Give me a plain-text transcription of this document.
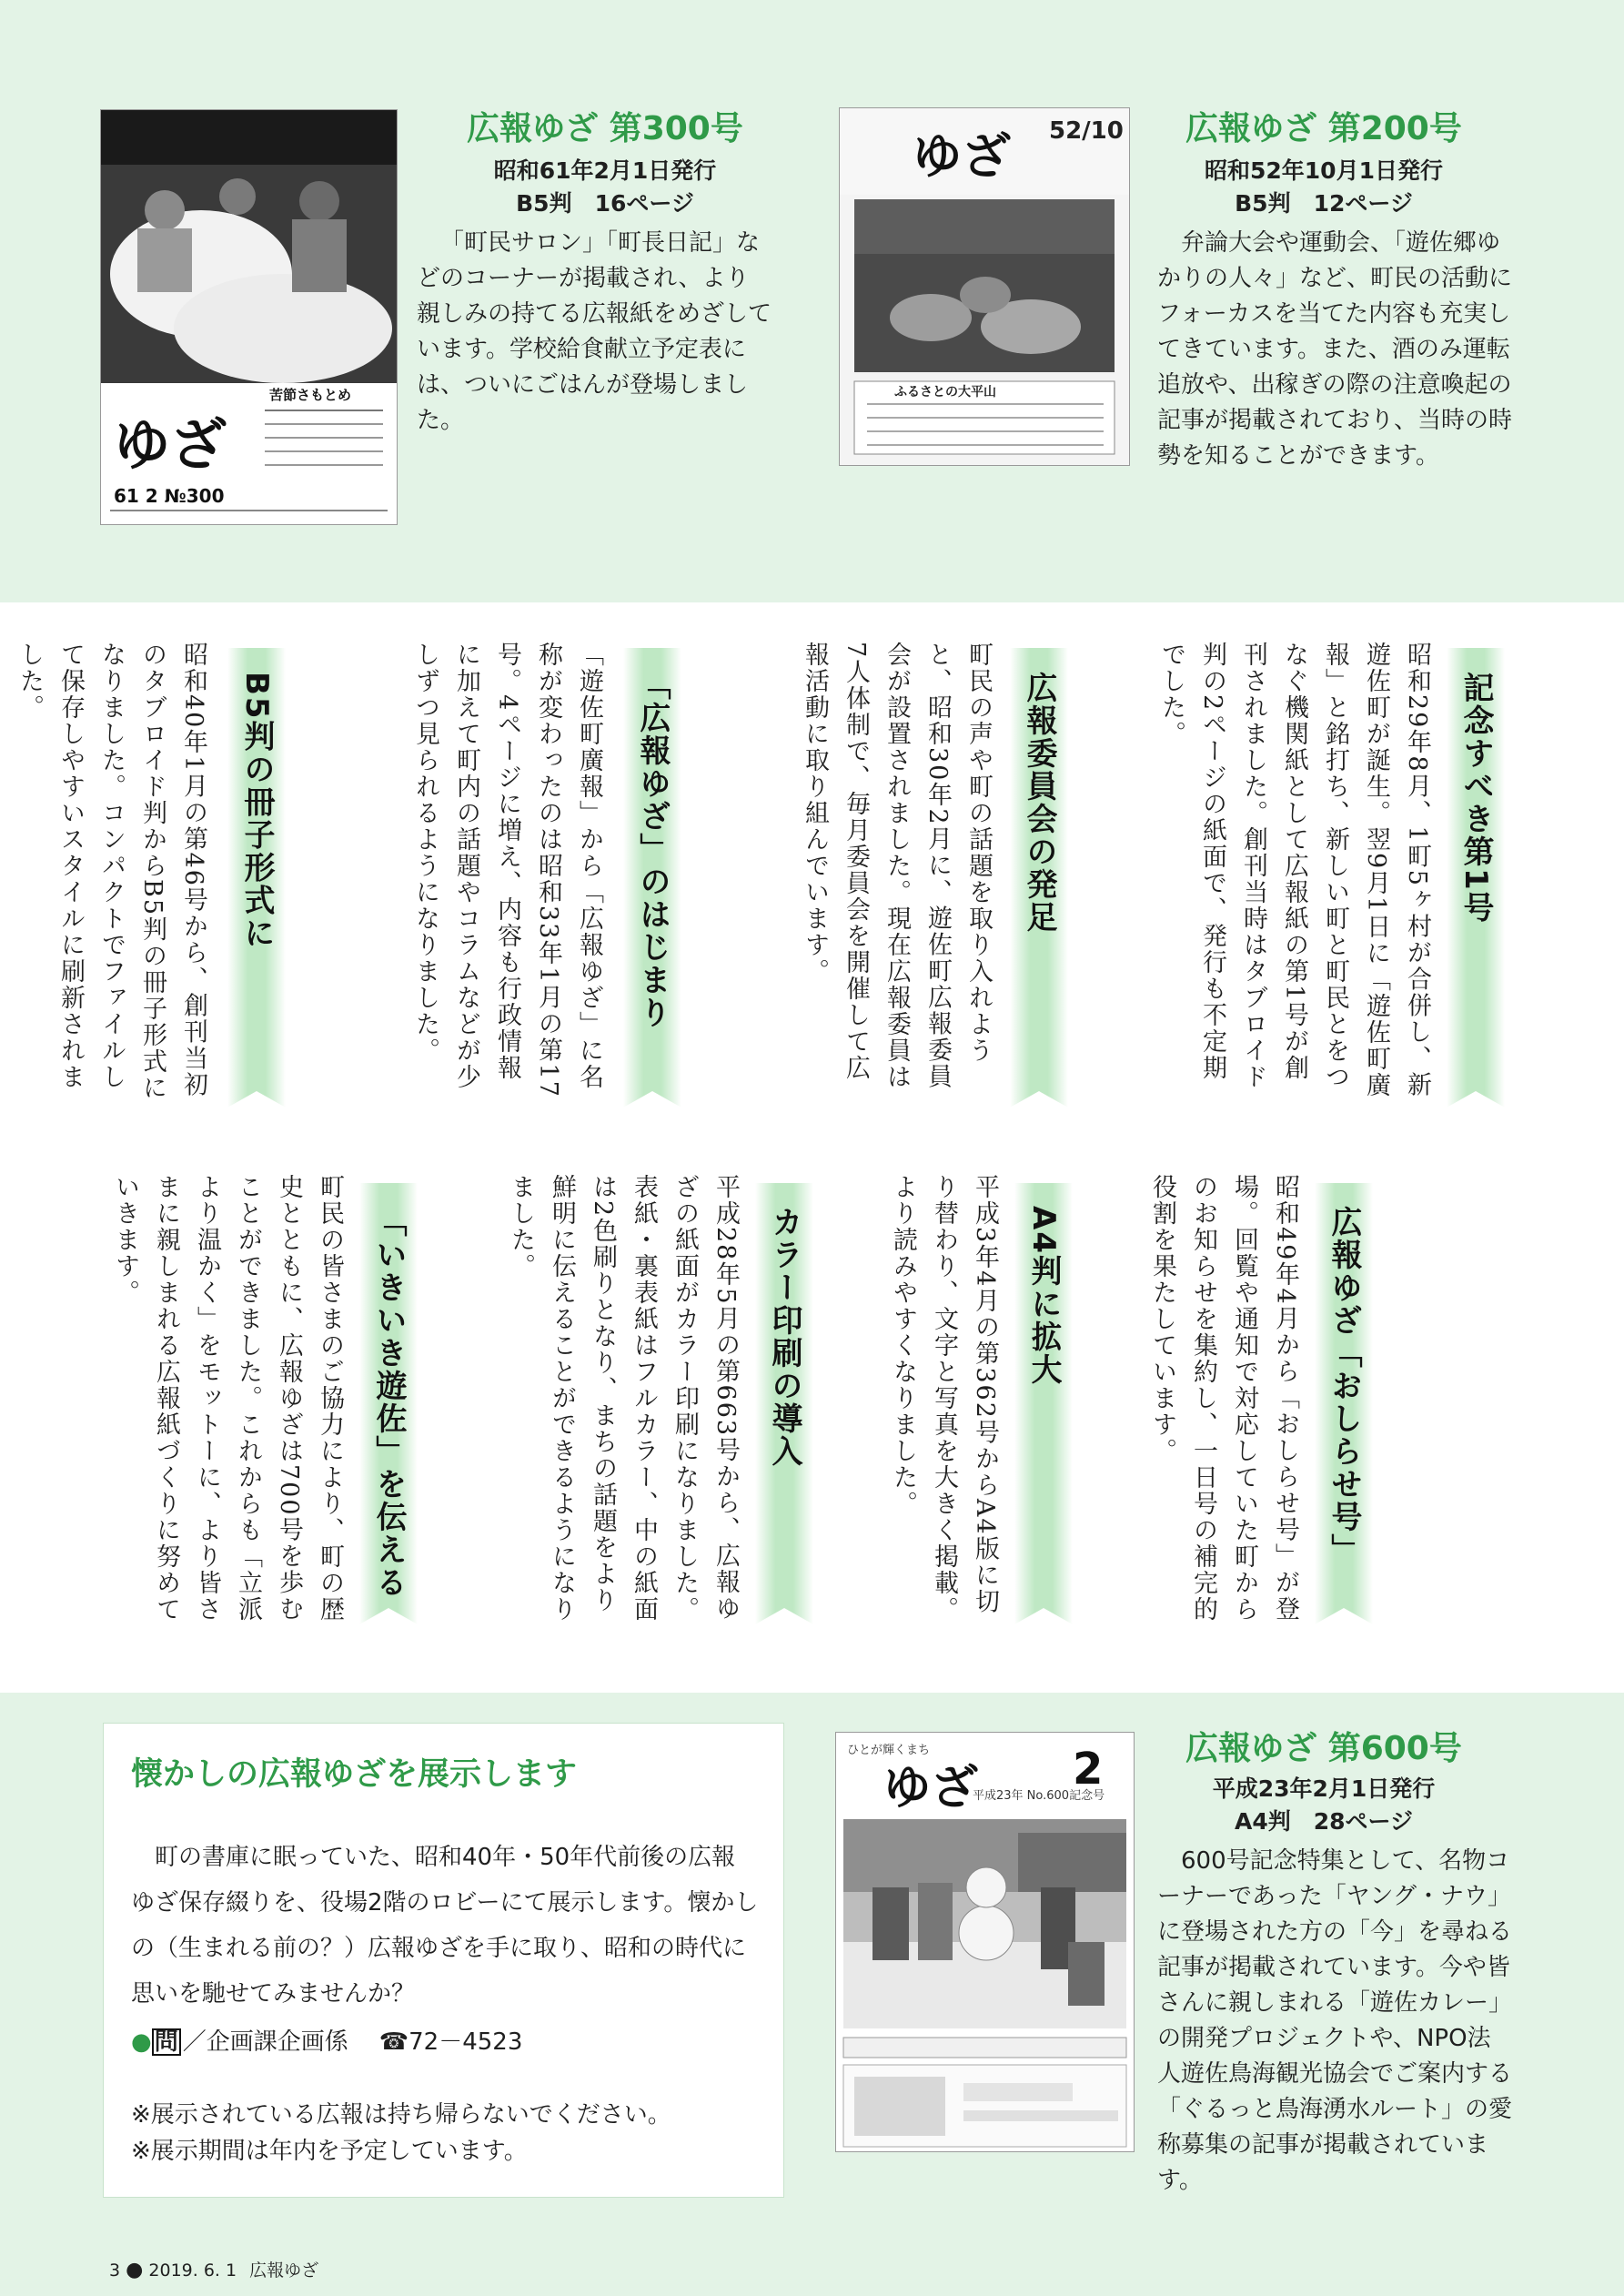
ゆざ
苦節さもとめ
61 2 №300
広報ゆざ 第300号
昭和61年2月1日発行
B5判　16ページ
「町民サロン」「町長日記」などのコーナーが掲載され、より親しみの持てる広報紙をめざしています。学校給食献立予定表には、ついにごはんが登場しました。
ゆざ 52/10
ふるさとの大平山
広報ゆざ 第200号
昭和52年10月1日発行
B5判　12ページ
弁論大会や運動会、「遊佐郷ゆかりの人々」など、町民の活動にフォーカスを当てた内容も充実してきています。また、酒のみ運転追放や、出稼ぎの際の注意喚起の記事が掲載されており、当時の時勢を知ることができます。
記念すべき第1号
昭和29年8月、1町5ヶ村が合併し、新遊佐町が誕生。翌9月1日に「遊佐町廣報」と銘打ち、新しい町と町民とをつなぐ機関紙として広報紙の第1号が創刊されました。創刊当時はタブロイド判の2ページの紙面で、発行も不定期でした。
広報委員会の発足
町民の声や町の話題を取り入れようと、昭和30年2月に、遊佐町広報委員会が設置されました。現在広報委員は7人体制で、毎月委員会を開催して広報活動に取り組んでいます。
「広報ゆざ」のはじまり
「遊佐町廣報」から「広報ゆざ」に名称が変わったのは昭和33年1月の第17号。4ページに増え、内容も行政情報に加えて町内の話題やコラムなどが少しずつ見られるようになりました。
B5判の冊子形式に
昭和40年1月の第46号から、創刊当初のタブロイド判からB5判の冊子形式になりました。コンパクトでファイルして保存しやすいスタイルに刷新されました。
広報ゆざ「おしらせ号」
昭和49年4月から「おしらせ号」が登場。回覧や通知で対応していた町からのお知らせを集約し、一日号の補完的役割を果たしています。
A4判に拡大
平成3年4月の第362号からA4版に切り替わり、文字と写真を大きく掲載。より読みやすくなりました。
カラー印刷の導入
平成28年5月の第663号から、広報ゆざの紙面がカラー印刷になりました。表紙・裏表紙はフルカラー、中の紙面は2色刷りとなり、まちの話題をより鮮明に伝えることができるようになりました。
「いきいき遊佐」を伝える
町民の皆さまのご協力により、町の歴史とともに、広報ゆざは700号を歩むことができました。これからも「立派より温かく」をモットーに、より皆さまに親しまれる広報紙づくりに努めていきます。
懐かしの広報ゆざを展示します
町の書庫に眠っていた、昭和40年・50年代前後の広報ゆざ保存綴りを、役場2階のロビーにて展示します。懐かしの（生まれる前の？）広報ゆざを手に取り、昭和の時代に思いを馳せてみませんか？
● 問 ／企画課企画係 ☎72－4523
※展示されている広報は持ち帰らないでください。
※展示期間は年内を予定しています。
ひとが輝くまち
ゆざ 2
平成23年 No.600記念号
広報ゆざ 第600号
平成23年2月1日発行
A4判　28ページ
600号記念特集として、名物コーナーであった「ヤング・ナウ」に登場された方の「今」を尋ねる記事が掲載されています。今や皆さんに親しまれる「遊佐カレー」の開発プロジェクトや、NPO法人遊佐鳥海観光協会でご案内する「ぐるっと鳥海湧水ルート」の愛称募集の記事が掲載されています。
3 ● 2019. 6. 1 広報ゆざ
